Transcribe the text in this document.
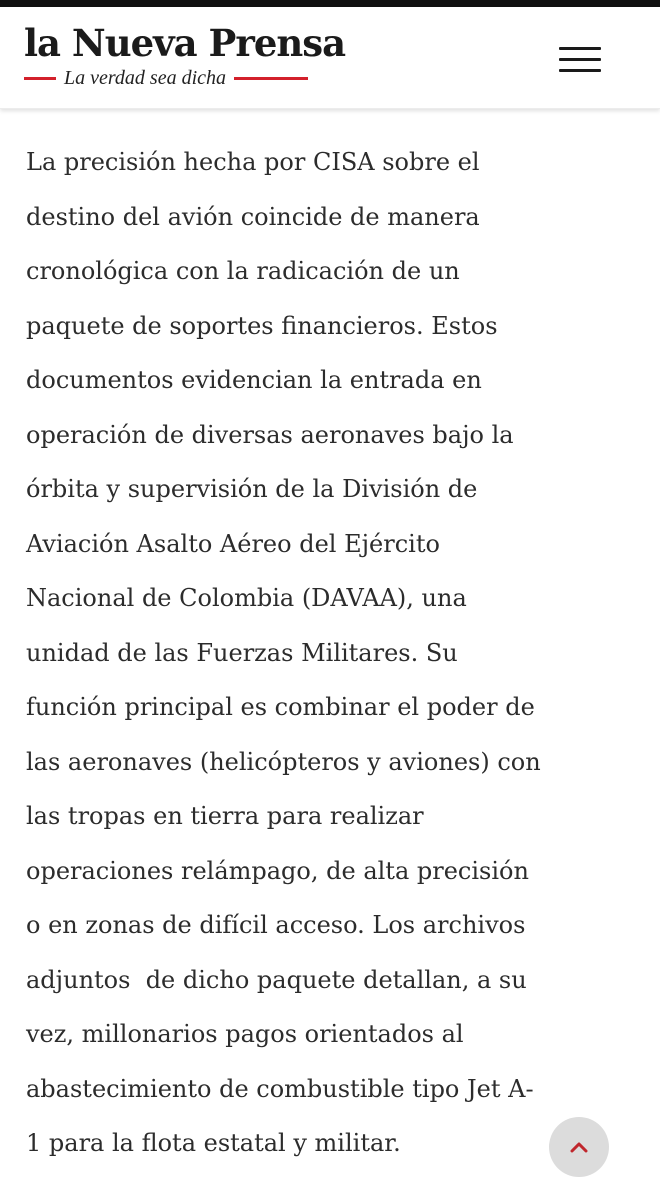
la Nueva Prensa
La verdad sea dicha

La precisión hecha por CISA sobre el
destino del avión coincide de manera
cronológica con la radicación de un
paquete de soportes financieros. Estos
documentos evidencian la entrada en
operación de diversas aeronaves bajo la
órbita y supervisión de la División de
Aviación Asalto Aéreo del Ejército
Nacional de Colombia (DAVAA), una
unidad de las Fuerzas Militares. Su
función principal es combinar el poder de
las aeronaves (helicópteros y aviones) con
las tropas en tierra para realizar
operaciones relámpago, de alta precisión
o en zonas de difícil acceso. Los archivos
adjuntos  de dicho paquete detallan, a su
vez, millonarios pagos orientados al
abastecimiento de combustible tipo Jet A-
1 para la flota estatal y militar.
